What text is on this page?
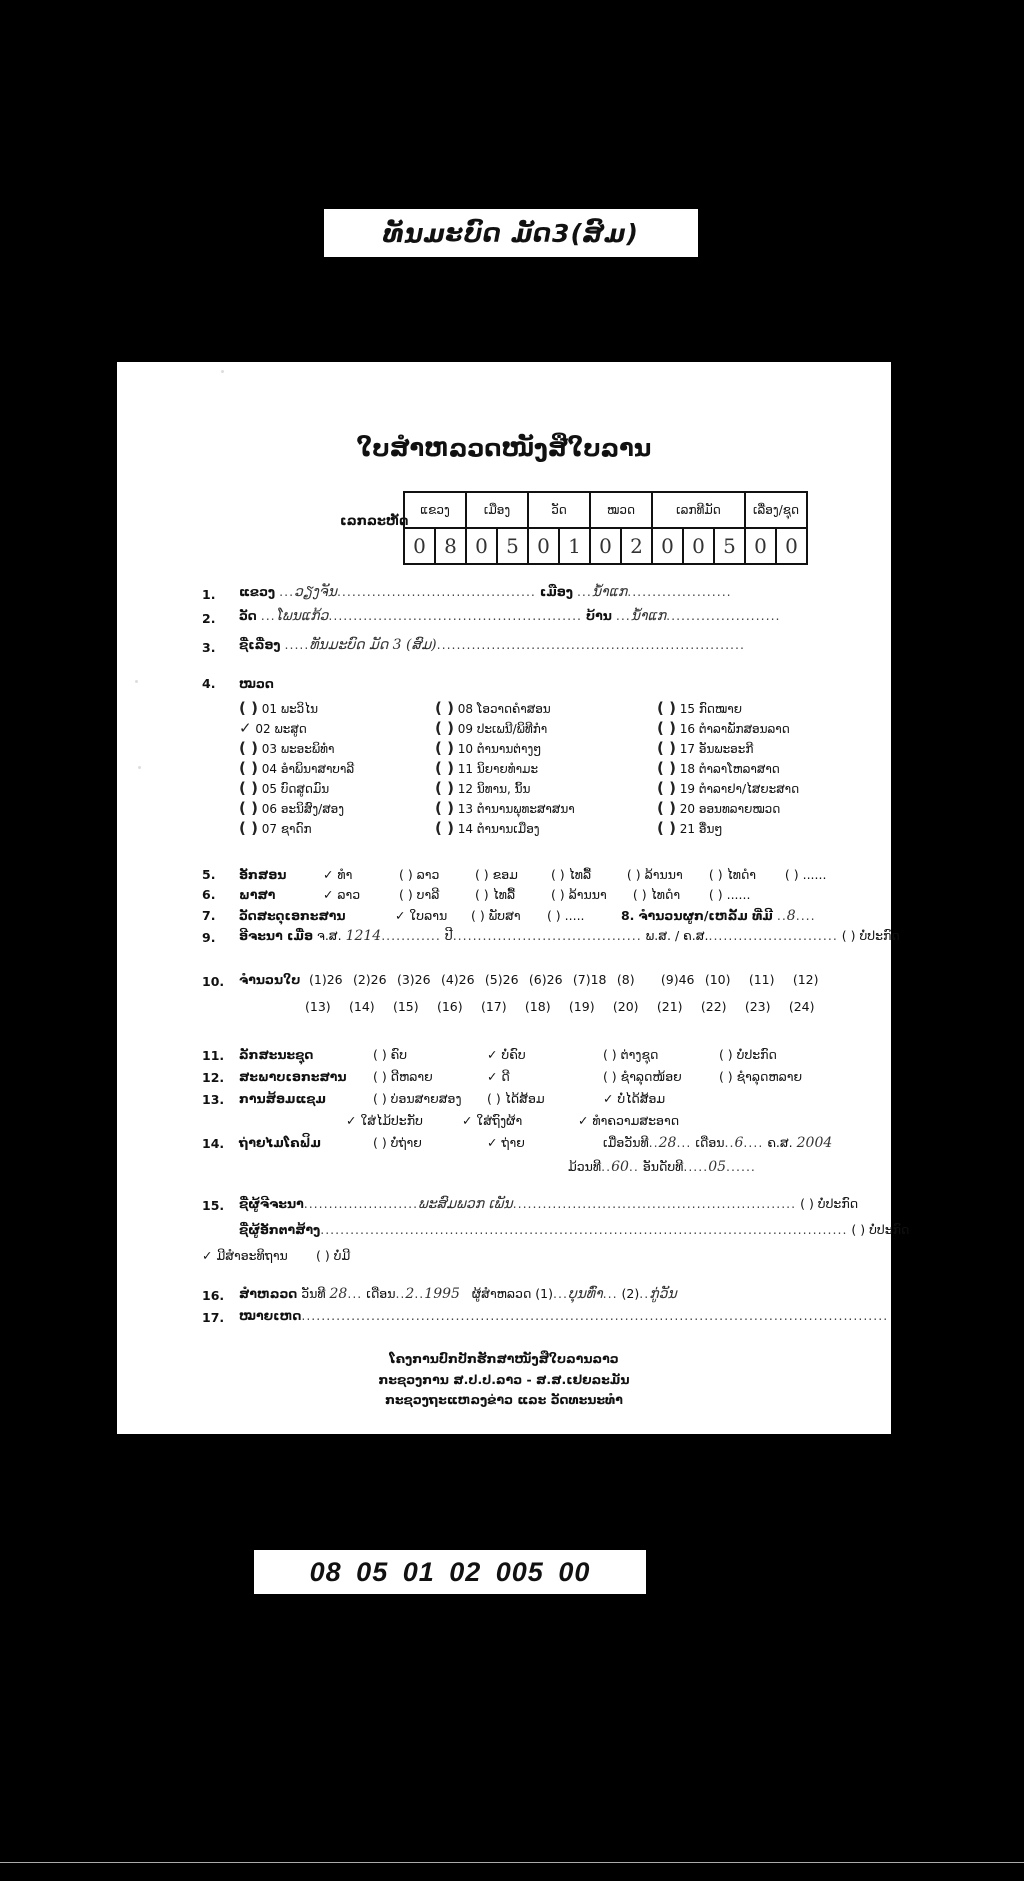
ທັນມະບົດ ມັດ3(ສົມ)
ໃບສຳຫລວດໜັງສືໃບລານ
ເລກລະຫັດ
ແຂວງ		ເມືອງ		ວັດ		ໝວດ		ເລກທີມັດ			ເລື່ອງ/ຊຸດ	
0	8	0	5	0	1	0	2	0	0	5	0	0
1. ແຂວງ ...ວຽງຈັນ........................................ ເມືອງ ...ນ້ຳແກ.....................
2. ວັດ ...ໂພນແກ້ວ................................................... ບ້ານ ...ນ້ຳແກ.......................
3. ຊື່ເລື່ອງ .....ທັນມະບົດ ມັດ 3 (ສົມ)..............................................................
4. ໝວດ
( ) 01 ພະວິໄນ	( ) 08 ໂອວາດຄຳສອນ	( ) 15 ກົດໝາຍ
✓ 02 ພະສູດ	( ) 09 ປະເພນີ/ພິທີກຳ	( ) 16 ຕຳລາພັກສອນລາດ
( ) 03 ພະອະພິທຳ	( ) 10 ຕຳນານຕ່າງໆ	( ) 17 ອັນພະອະກີ
( ) 04 ອຳພິນາສາບາລີ	( ) 11 ນິຍາຍທຳມະ	( ) 18 ຕຳລາໂຫລາສາດ
( ) 05 ບົດສູດມົນ	( ) 12 ນິທານ, ນິ້ນ	( ) 19 ຕຳລາຢາ/ໄສຍະສາດ
( ) 06 ອະນິສົງ/ສອງ	( ) 13 ຕຳນານພຸທະສາສນາ	( ) 20 ອອນທລາຍໝວດ
( ) 07 ຊາດົກ	( ) 14 ຕຳນານເມືອງ	( ) 21 ອື່ນໆ
5. ອັກສອນ	✓ ທຳ	( ) ລາວ	( ) ຂອມ	( ) ໄທລື້	( ) ລ້ານນາ ( ) ໄທດຳ ( ) ......
6. ພາສາ	✓ ລາວ	( ) ບາລີ	( ) ໄທລື້	( ) ລ້ານນາ ( ) ໄທດຳ ( ) ......
7. ວັດສະດຸເອກະສານ	✓ ໃບລານ ( ) ພັບສາ ( ) .....	8. ຈຳນວນຜູກ/ເຫລັ້ມ ທີ່ມີ ..8....
9. ອີຈະນາ ເມື່ອ ຈ.ສ. 1214............ ປີ...................................... ພ.ສ. / ຄ.ສ........................... ( ) ບໍ່ປະກົດ
10. ຈຳນວນໃບ (1)26 (2)26 (3)26 (4)26 (5)26 (6)26 (7)18 (8) (9)46 (10) (11) (12)
(13) (14) (15) (16) (17) (18) (19) (20) (21) (22) (23) (24)
11. ລັກສະນະຊຸດ	( ) ຄົບ	✓ ບໍ່ຄົບ	( ) ຕ່າງຊຸດ	( ) ບໍ່ປະກົດ
12. ສະພາບເອກະສານ ( ) ດີຫລາຍ	✓ ດີ	( ) ຊຳລຸດໜ້ອຍ	( ) ຊຳລຸດຫລາຍ
13. ການສ້ອມແຊມ	( ) ບ່ອນສາຍສອງ ( ) ໄດ້ສ້ອມ	✓ ບໍ່ໄດ້ສ້ອມ
✓ ໃສ່ໄມ້ປະກັບ	✓ ໃສ່ຖົງຜ້າ	✓ ທຳຄວາມສະອາດ
14. ຖ່າຍໄມໂຄຟິມ	( ) ບໍ່ຖ່າຍ	✓ ຖ່າຍ	ເມື່ອວັນທີ..28... ເດືອນ..6.... ຄ.ສ. 2004
ມ້ວນທີ..60.. ອັນດັບທີ.....05......
15. ຊື່ຜູ້ຈີຈະນາ.......................ພະສົມພວກ ເພັນ......................................................... ( ) ບໍ່ປະກົດ
ຊື່ຜູ້ອັກຕາສ້າງ.......................................................................................................... ( ) ບໍ່ປະກົດ
✓ ມີສຳອະທິຖານ ( ) ບໍ່ມີ
16. ສຳຫລວດ ວັນທີ 28... ເດືອນ..2..1995 ຜູ້ສຳຫລວດ (1)...ບຸນທົ່າ... (2)..ກູ່ວັນ
17. ໝາຍເຫດ......................................................................................................................
ໂຄງການປົກປັກຮັກສາໜັງສືໃບລານລາວ
ກະຊວງການ ສ.ປ.ປ.ລາວ - ສ.ສ.ເຢຍລະມັນ
ກະຊວງຖະແຫລງຂ່າວ ແລະ ວັດທະນະທຳ
08 05 01 02 005 00
